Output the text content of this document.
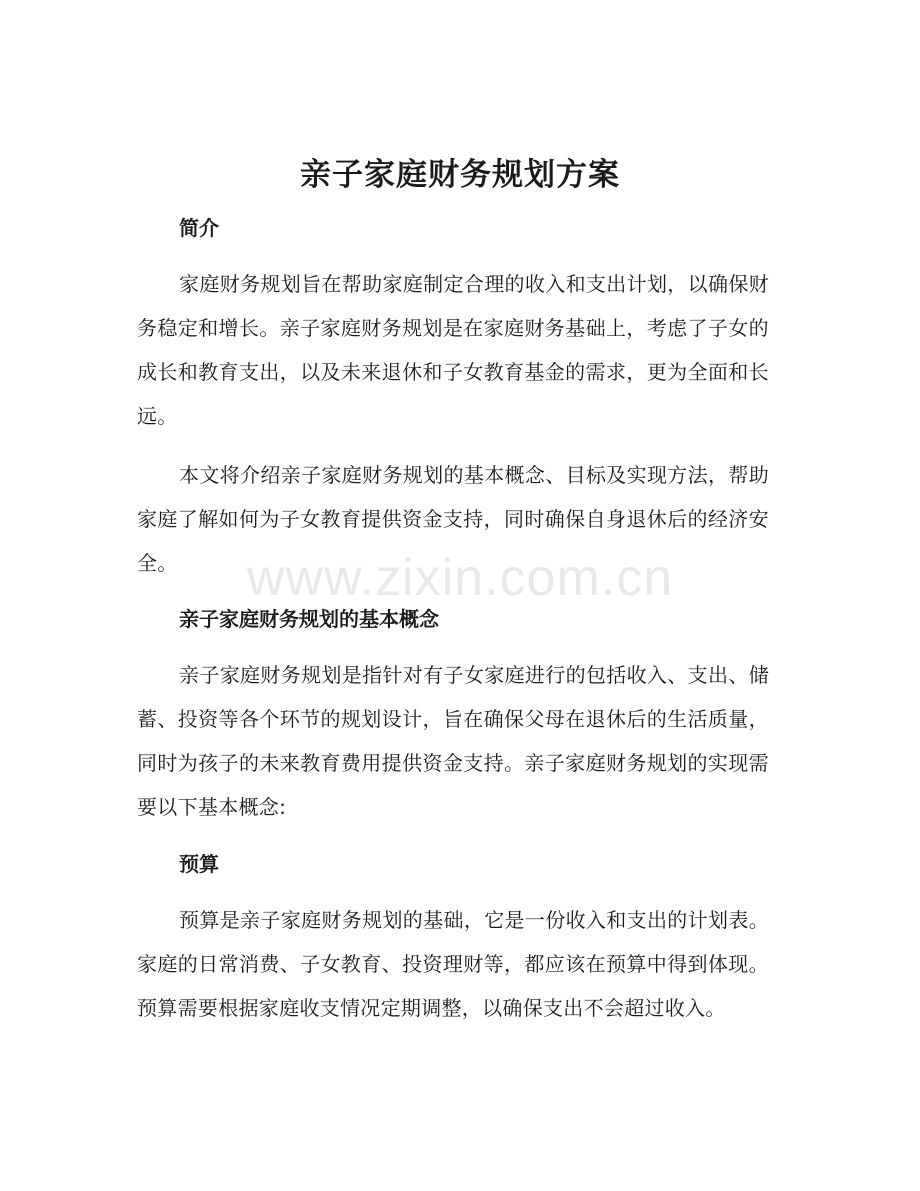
亲子家庭财务规划方案
简介

家庭财务规划旨在帮助家庭制定合理的收入和支出计划，以确保财务稳定和增长。亲子家庭财务规划是在家庭财务基础上，考虑了子女的成长和教育支出，以及未来退休和子女教育基金的需求，更为全面和长远。

本文将介绍亲子家庭财务规划的基本概念、目标及实现方法，帮助家庭了解如何为子女教育提供资金支持，同时确保自身退休后的经济安全。

亲子家庭财务规划的基本概念

亲子家庭财务规划是指针对有子女家庭进行的包括收入、支出、储蓄、投资等各个环节的规划设计，旨在确保父母在退休后的生活质量，同时为孩子的未来教育费用提供资金支持。亲子家庭财务规划的实现需要以下基本概念:

预算

预算是亲子家庭财务规划的基础，它是一份收入和支出的计划表。家庭的日常消费、子女教育、投资理财等，都应该在预算中得到体现。预算需要根据家庭收支情况定期调整，以确保支出不会超过收入。

www.zixin.com.cn
